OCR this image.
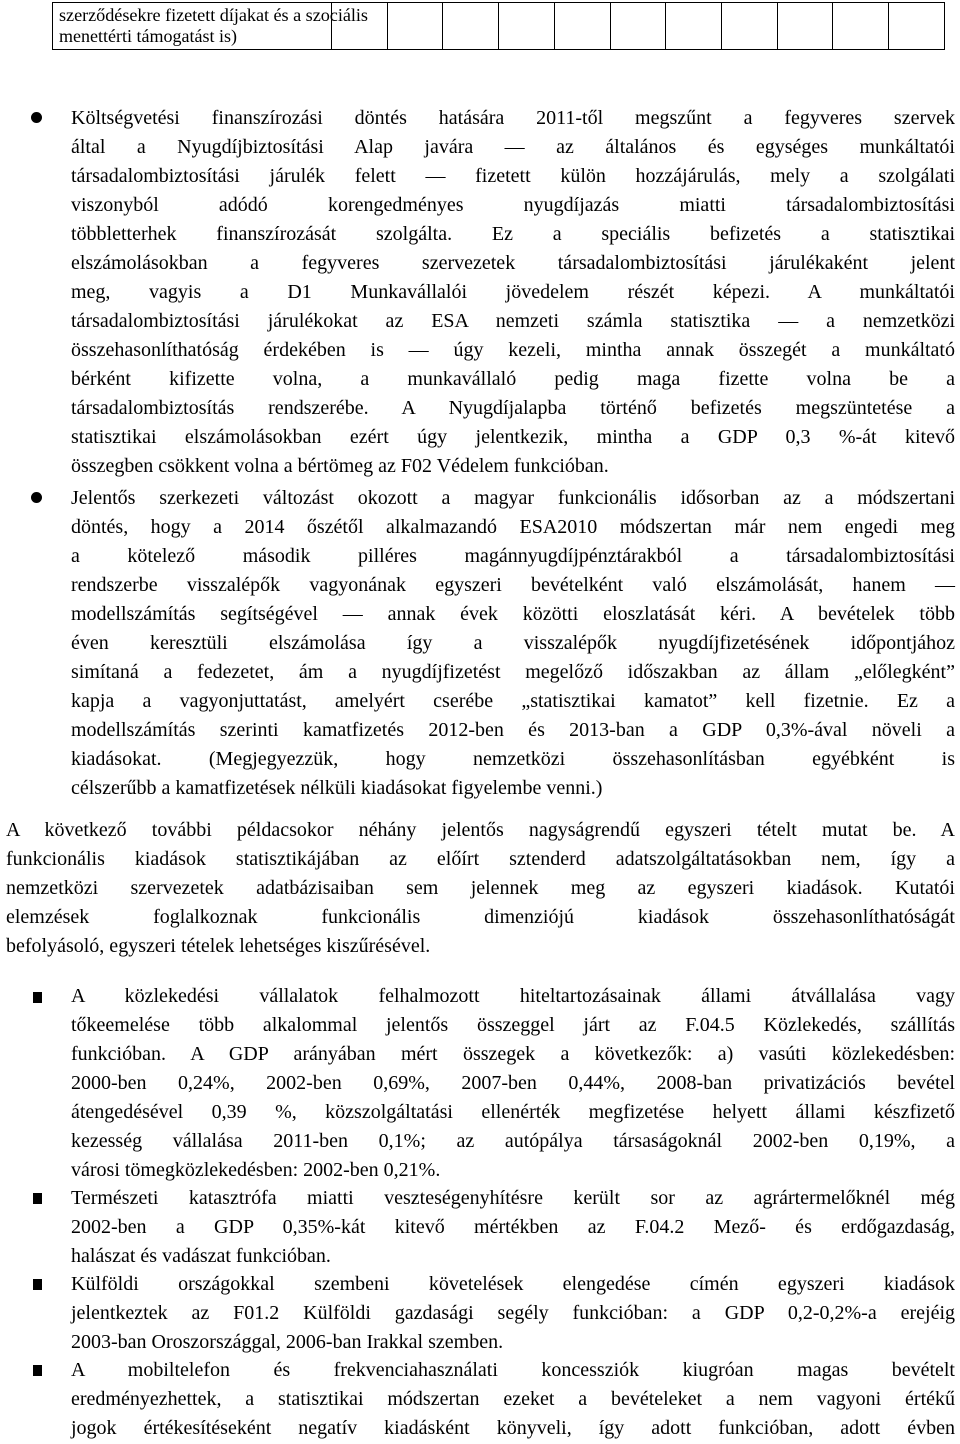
szerződésekre fizetett díjakat és a szociális
menettérti támogatást is)

Költségvetési finanszírozási döntés hatására 2011-től megszűnt a fegyveres szervek
által a Nyugdíjbiztosítási Alap javára — az általános és egységes munkáltatói
társadalombiztosítási járulék felett — fizetett külön hozzájárulás, mely a szolgálati
viszonyból adódó korengedményes nyugdíjazás miatti társadalombiztosítási
többletterhek finanszírozását szolgálta. Ez a speciális befizetés a statisztikai
elszámolásokban a fegyveres szervezetek társadalombiztosítási járulékaként jelent
meg, vagyis a D1 Munkavállalói jövedelem részét képezi. A munkáltatói
társadalombiztosítási járulékokat az ESA nemzeti számla statisztika — a nemzetközi
összehasonlíthatóság érdekében is — úgy kezeli, mintha annak összegét a munkáltató
bérként kifizette volna, a munkavállaló pedig maga fizette volna be a
társadalombiztosítás rendszerébe. A Nyugdíjalapba történő befizetés megszüntetése a
statisztikai elszámolásokban ezért úgy jelentkezik, mintha a GDP 0,3 %-át kitevő
összegben csökkent volna a bértömeg az F02 Védelem funkcióban.
Jelentős szerkezeti változást okozott a magyar funkcionális idősorban az a módszertani
döntés, hogy a 2014 őszétől alkalmazandó ESA2010 módszertan már nem engedi meg
a kötelező második pilléres magánnyugdíjpénztárakból a társadalombiztosítási
rendszerbe visszalépők vagyonának egyszeri bevételként való elszámolását, hanem —
modellszámítás segítségével — annak évek közötti eloszlatását kéri. A bevételek több
éven keresztüli elszámolása így a visszalépők nyugdíjfizetésének időpontjához
simítaná a fedezetet, ám a nyugdíjfizetést megelőző időszakban az állam „előlegként”
kapja a vagyonjuttatást, amelyért cserébe „statisztikai kamatot” kell fizetnie. Ez a
modellszámítás szerinti kamatfizetés 2012-ben és 2013-ban a GDP 0,3%-ával növeli a
kiadásokat. (Megjegyezzük, hogy nemzetközi összehasonlításban egyébként is
célszerűbb a kamatfizetések nélküli kiadásokat figyelembe venni.)
A következő további példacsokor néhány jelentős nagyságrendű egyszeri tételt mutat be. A
funkcionális kiadások statisztikájában az előírt sztenderd adatszolgáltatásokban nem, így a
nemzetközi szervezetek adatbázisaiban sem jelennek meg az egyszeri kiadások. Kutatói
elemzések foglalkoznak funkcionális dimenziójú kiadások összehasonlíthatóságát
befolyásoló, egyszeri tételek lehetséges kiszűrésével.
A közlekedési vállalatok felhalmozott hiteltartozásainak állami átvállalása vagy
tőkeemelése több alkalommal jelentős összeggel járt az F.04.5 Közlekedés, szállítás
funkcióban. A GDP arányában mért összegek a következők: a) vasúti közlekedésben:
2000-ben 0,24%, 2002-ben 0,69%, 2007-ben 0,44%, 2008-ban privatizációs bevétel
átengedésével 0,39 %, közszolgáltatási ellenérték megfizetése helyett állami készfizető
kezesség vállalása 2011-ben 0,1%; az autópálya társaságoknál 2002-ben 0,19%, a
városi tömegközlekedésben: 2002-ben 0,21%.
Természeti katasztrófa miatti veszteségenyhítésre került sor az agrártermelőknél még
2002-ben a GDP 0,35%-kát kitevő mértékben az F.04.2 Mező- és erdőgazdaság,
halászat és vadászat funkcióban.
Külföldi országokkal szembeni követelések elengedése címén egyszeri kiadások
jelentkeztek az F01.2 Külföldi gazdasági segély funkcióban: a GDP 0,2-0,2%-a erejéig
2003-ban Oroszországgal, 2006-ban Irakkal szemben.
A mobiltelefon és frekvenciahasználati koncessziók kiugróan magas bevételt
eredményezhettek, a statisztikai módszertan ezeket a bevételeket a nem vagyoni értékű
jogok értékesítéseként negatív kiadásként könyveli, így adott funkcióban, adott évben
